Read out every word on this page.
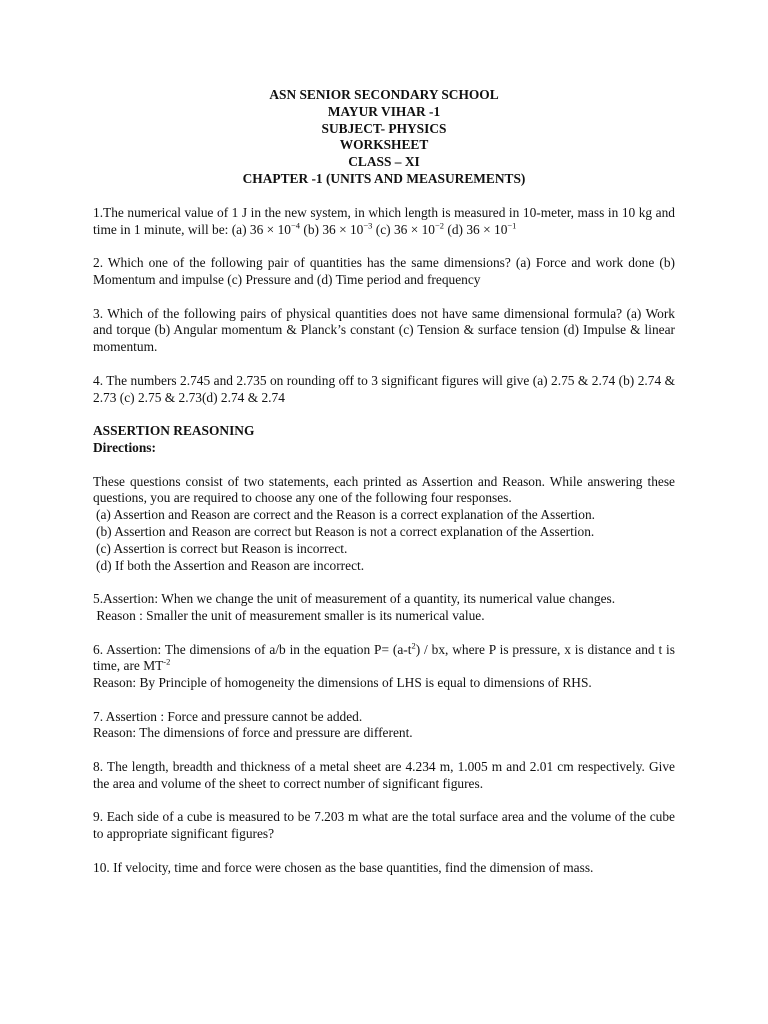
ASN SENIOR SECONDARY SCHOOL
MAYUR VIHAR -1
SUBJECT- PHYSICS
WORKSHEET
CLASS – XI
CHAPTER -1 (UNITS AND MEASUREMENTS)

1.The numerical value of 1 J in the new system, in which length is measured in 10-meter, mass in 10 kg and time in 1 minute, will be: (a) $36 \times 10^{-4}$ (b) $36 \times 10^{-3}$ (c) $36 \times 10^{-2}$ (d) $36 \times 10^{-1}$

2. Which one of the following pair of quantities has the same dimensions? (a) Force and work done (b) Momentum and impulse (c) Pressure and (d) Time period and frequency

3. Which of the following pairs of physical quantities does not have same dimensional formula? (a) Work and torque (b) Angular momentum & Planck’s constant (c) Tension & surface tension (d) Impulse & linear momentum.

4. The numbers 2.745 and 2.735 on rounding off to 3 significant figures will give (a) 2.75 & 2.74 (b) 2.74 & 2.73 (c) 2.75 & 2.73(d) 2.74 & 2.74

ASSERTION REASONING
Directions:
These questions consist of two statements, each printed as Assertion and Reason. While answering these questions, you are required to choose any one of the following four responses.
(a) Assertion and Reason are correct and the Reason is a correct explanation of the Assertion.
(b) Assertion and Reason are correct but Reason is not a correct explanation of the Assertion.
(c) Assertion is correct but Reason is incorrect.
(d) If both the Assertion and Reason are incorrect.
5.Assertion: When we change the unit of measurement of a quantity, its numerical value changes.
Reason : Smaller the unit of measurement smaller is its numerical value.
6. Assertion: The dimensions of a/b in the equation $P= (a-t^2)$ / bx, where P is pressure, x is distance and t is time, are $MT^{-2}$
Reason: By Principle of homogeneity the dimensions of LHS is equal to dimensions of RHS.
7. Assertion : Force and pressure cannot be added.
Reason: The dimensions of force and pressure are different.

8. The length, breadth and thickness of a metal sheet are 4.234 m, 1.005 m and 2.01 cm respectively. Give the area and volume of the sheet to correct number of significant figures.

9. Each side of a cube is measured to be 7.203 m what are the total surface area and the volume of the cube to appropriate significant figures?

10. If velocity, time and force were chosen as the base quantities, find the dimension of mass.
